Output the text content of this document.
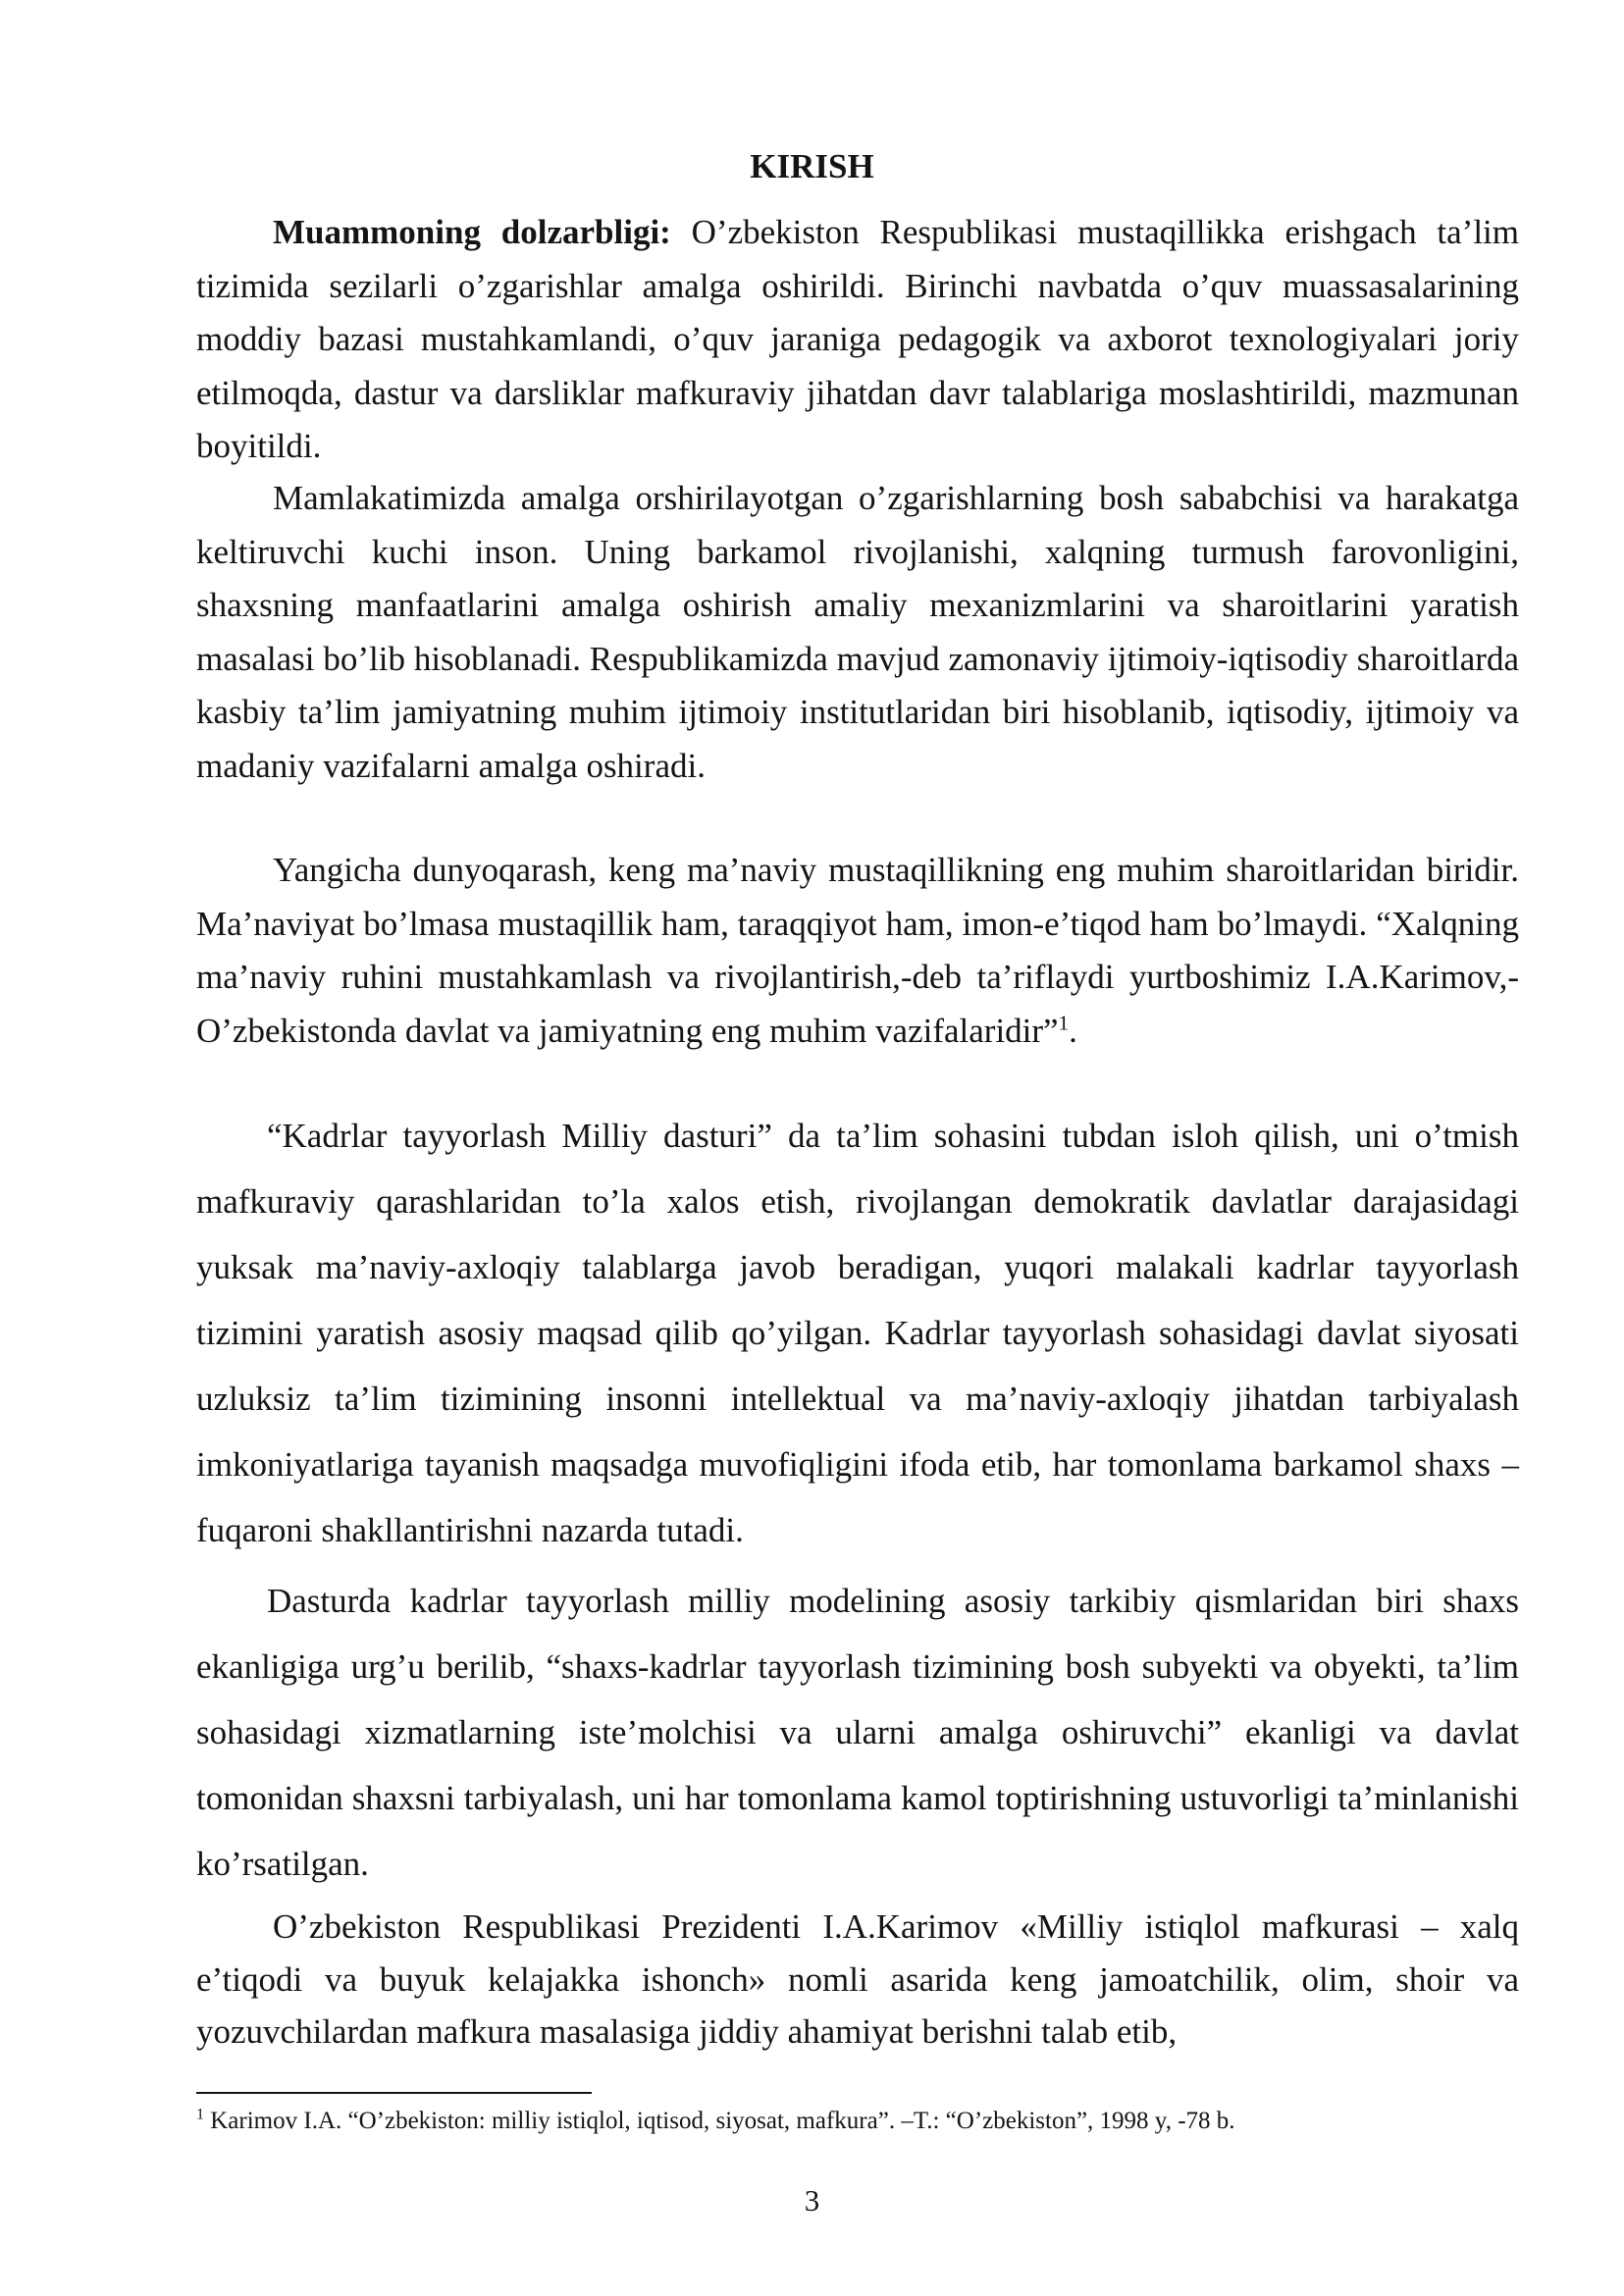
KIRISH

Muammoning dolzarbligi: O’zbekiston Respublikasi mustaqillikka erishgach ta’lim tizimida sezilarli o’zgarishlar amalga oshirildi. Birinchi navbatda o’quv muassasalarining moddiy bazasi mustahkamlandi, o’quv jaraniga pedagogik va axborot texnologiyalari joriy etilmoqda, dastur va darsliklar mafkuraviy jihatdan davr talablariga moslashtirildi, mazmunan boyitildi.

Mamlakatimizda amalga orshirilayotgan o’zgarishlarning bosh sababchisi va harakatga keltiruvchi kuchi inson. Uning barkamol rivojlanishi, xalqning turmush farovonligini, shaxsning manfaatlarini amalga oshirish amaliy mexanizmlarini va sharoitlarini yaratish masalasi bo’lib hisoblanadi. Respublikamizda mavjud zamonaviy ijtimoiy-iqtisodiy sharoitlarda kasbiy ta’lim jamiyatning muhim ijtimoiy institutlaridan biri hisoblanib, iqtisodiy, ijtimoiy va madaniy vazifalarni amalga oshiradi.

Yangicha dunyoqarash, keng ma’naviy mustaqillikning eng muhim sharoitlaridan biridir. Ma’naviyat bo’lmasa mustaqillik ham, taraqqiyot ham, imon-e’tiqod ham bo’lmaydi. “Xalqning ma’naviy ruhini mustahkamlash va rivojlantirish,-deb ta’riflaydi yurtboshimiz I.A.Karimov,-O’zbekistonda davlat va jamiyatning eng muhim vazifalaridir”$^1$.

“Kadrlar tayyorlash Milliy dasturi” da ta’lim sohasini tubdan isloh qilish, uni o’tmish mafkuraviy qarashlaridan to’la xalos etish, rivojlangan demokratik davlatlar darajasidagi yuksak ma’naviy-axloqiy talablarga javob beradigan, yuqori malakali kadrlar tayyorlash tizimini yaratish asosiy maqsad qilib qo’yilgan. Kadrlar tayyorlash sohasidagi davlat siyosati uzluksiz ta’lim tizimining insonni intellektual va ma’naviy-axloqiy jihatdan tarbiyalash imkoniyatlariga tayanish maqsadga muvofiqligini ifoda etib, har tomonlama barkamol shaxs – fuqaroni shakllantirishni nazarda tutadi.

Dasturda kadrlar tayyorlash milliy modelining asosiy tarkibiy qismlaridan biri shaxs ekanligiga urg’u berilib, “shaxs-kadrlar tayyorlash tizimining bosh subyekti va obyekti, ta’lim sohasidagi xizmatlarning iste’molchisi va ularni amalga oshiruvchi” ekanligi va davlat tomonidan shaxsni tarbiyalash, uni har tomonlama kamol toptirishning ustuvorligi ta’minlanishi ko’rsatilgan.

O’zbekiston Respublikasi Prezidenti I.A.Karimov «Milliy istiqlol mafkurasi – xalq e’tiqodi va buyuk kelajakka ishonch» nomli asarida keng jamoatchilik, olim, shoir va yozuvchilardan mafkura masalasiga jiddiy ahamiyat berishni talab etib,

$^1$ Karimov I.A. “O’zbekiston: milliy istiqlol, iqtisod, siyosat, mafkura”. –T.: “O’zbekiston”, 1998 y, -78 b.
3
